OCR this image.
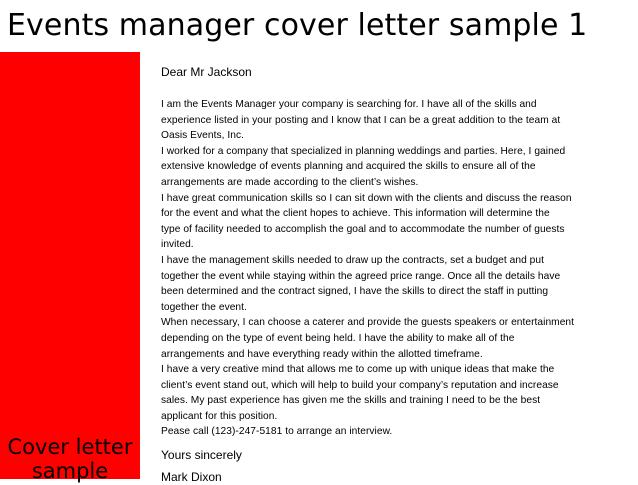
Events manager cover letter sample 1
Cover letter
sample
Dear Mr Jackson
I am the Events Manager your company is searching for. I have all of the skills and
experience listed in your posting and I know that I can be a great addition to the team at
Oasis Events, Inc.
I worked for a company that specialized in planning weddings and parties. Here, I gained
extensive knowledge of events planning and acquired the skills to ensure all of the
arrangements are made according to the client’s wishes.
I have great communication skills so I can sit down with the clients and discuss the reason
for the event and what the client hopes to achieve. This information will determine the
type of facility needed to accomplish the goal and to accommodate the number of guests
invited.
I have the management skills needed to draw up the contracts, set a budget and put
together the event while staying within the agreed price range. Once all the details have
been determined and the contract signed, I have the skills to direct the staff in putting
together the event.
When necessary, I can choose a caterer and provide the guests speakers or entertainment
depending on the type of event being held. I have the ability to make all of the
arrangements and have everything ready within the allotted timeframe.
I have a very creative mind that allows me to come up with unique ideas that make the
client’s event stand out, which will help to build your company’s reputation and increase
sales. My past experience has given me the skills and training I need to be the best
applicant for this position.
Pease call (123)-247-5181 to arrange an interview.
Yours sincerely
Mark Dixon
